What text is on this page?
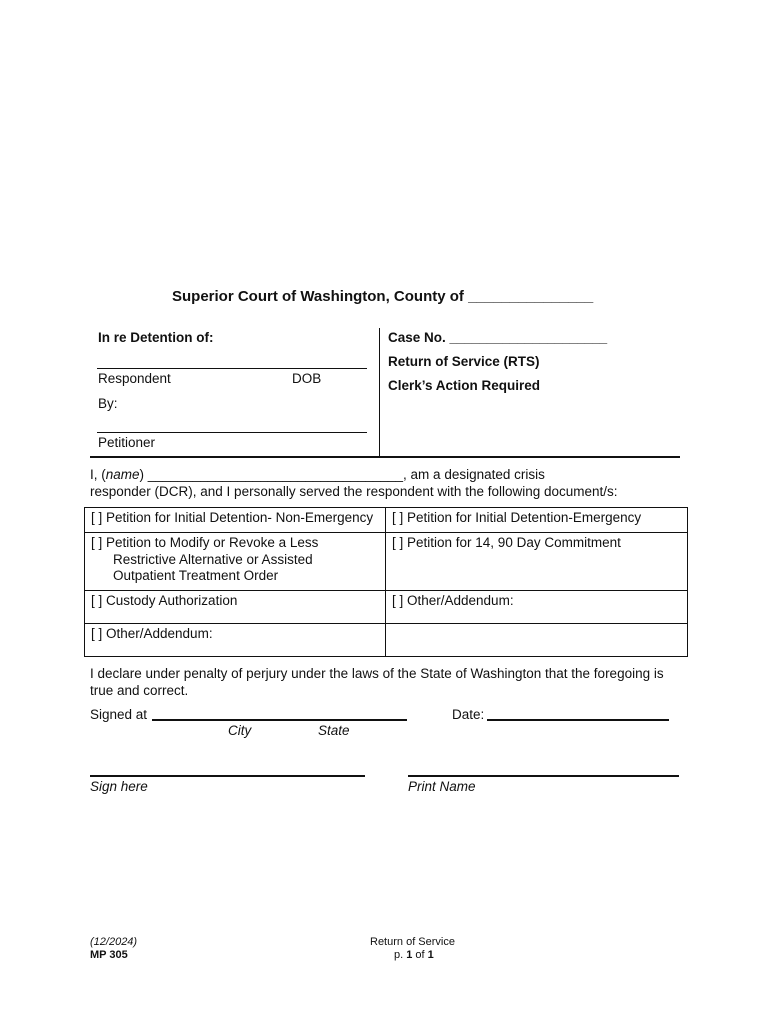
Superior Court of Washington, County of _______________
In re Detention of:
Respondent	DOB
By:
Petitioner
Case No. _____________________
Return of Service (RTS)
Clerk’s Action Required
I, (name) __________________________________, am a designated crisis
responder (DCR), and I personally served the respondent with the following document/s:
[ ] Petition for Initial Detention- Non-Emergency	[ ] Petition for Initial Detention-Emergency
[ ] Petition to Modify or Revoke a Less
Restrictive Alternative or Assisted
Outpatient Treatment Order	[ ] Petition for 14, 90 Day Commitment
[ ] Custody Authorization	[ ] Other/Addendum:
[ ] Other/Addendum:	
I declare under penalty of perjury under the laws of the State of Washington that the foregoing is
true and correct.
Signed at
City	State
Date:
Sign here	Print Name
(12/2024)
MP 305
Return of Service
p. 1 of 1
